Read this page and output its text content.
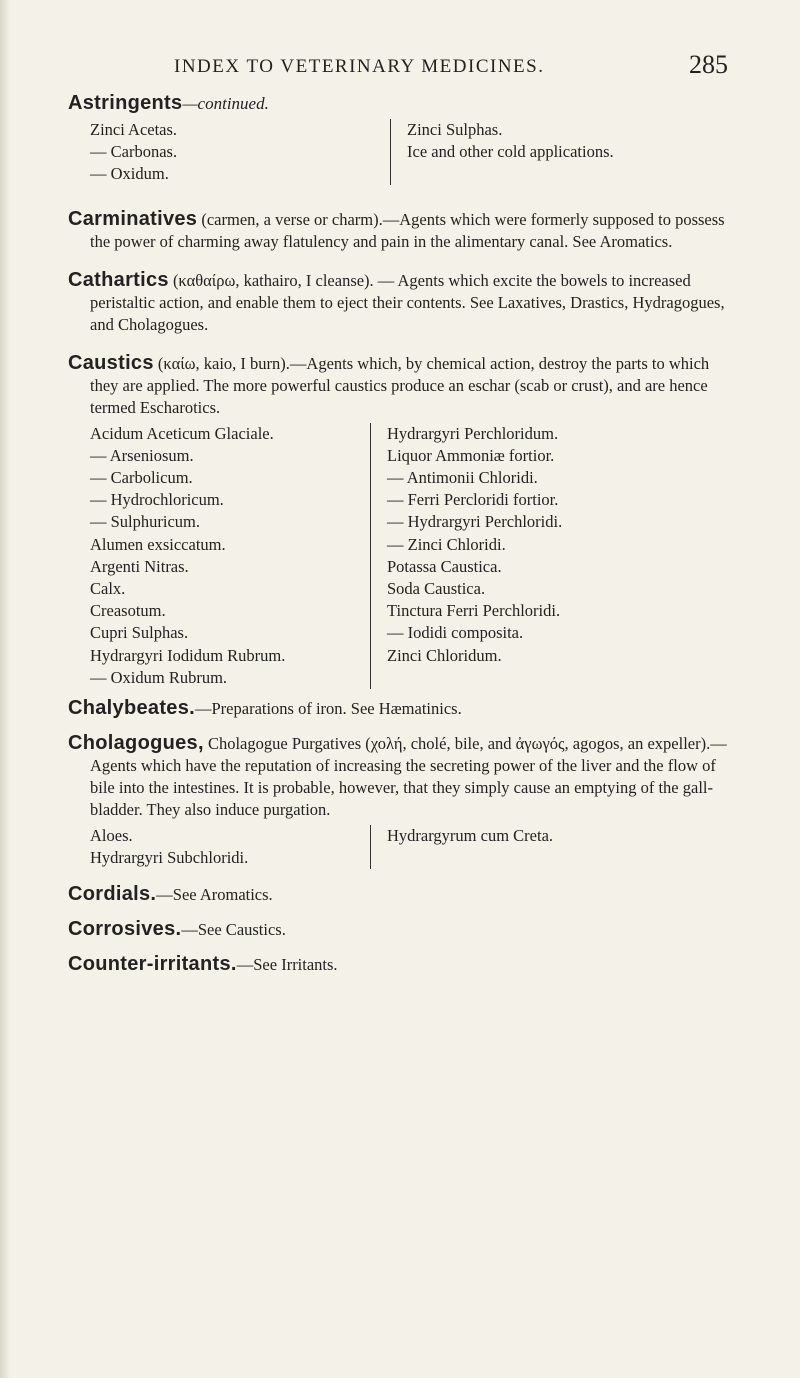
INDEX TO VETERINARY MEDICINES.	285
Astringents—continued.
Zinci Acetas.
— Carbonas.
— Oxidum.
Zinci Sulphas.
Ice and other cold applications.
Carminatives (carmen, a verse or charm).—Agents which were formerly supposed to possess the power of charming away flatulency and pain in the alimentary canal. See Aromatics.
Cathartics (καθαίρω, kathairo, I cleanse). — Agents which excite the bowels to increased peristaltic action, and enable them to eject their contents. See Laxatives, Drastics, Hydragogues, and Cholagogues.
Caustics (καίω, kaio, I burn).—Agents which, by chemical action, destroy the parts to which they are applied. The more powerful caustics produce an eschar (scab or crust), and are hence termed Escharotics.
Acidum Aceticum Glaciale.
— Arseniosum.
— Carbolicum.
— Hydrochloricum.
— Sulphuricum.
Alumen exsiccatum.
Argenti Nitras.
Calx.
Creasotum.
Cupri Sulphas.
Hydrargyri Iodidum Rubrum.
— Oxidum Rubrum.
Hydrargyri Perchloridum.
Liquor Ammoniæ fortior.
— Antimonii Chloridi.
— Ferri Percloridi fortior.
— Hydrargyri Perchloridi.
— Zinci Chloridi.
Potassa Caustica.
Soda Caustica.
Tinctura Ferri Perchloridi.
— Iodidi composita.
Zinci Chloridum.
Chalybeates.—Preparations of iron. See Hæmatinics.
Cholagogues, Cholagogue Purgatives (χολή, cholé, bile, and ἀγωγός, agogos, an expeller).—Agents which have the reputation of increasing the secreting power of the liver and the flow of bile into the intestines. It is probable, however, that they simply cause an emptying of the gall-bladder. They also induce purgation.
Aloes.
Hydrargyri Subchloridi.
Hydrargyrum cum Creta.
Cordials.—See Aromatics.
Corrosives.—See Caustics.
Counter-irritants.—See Irritants.
